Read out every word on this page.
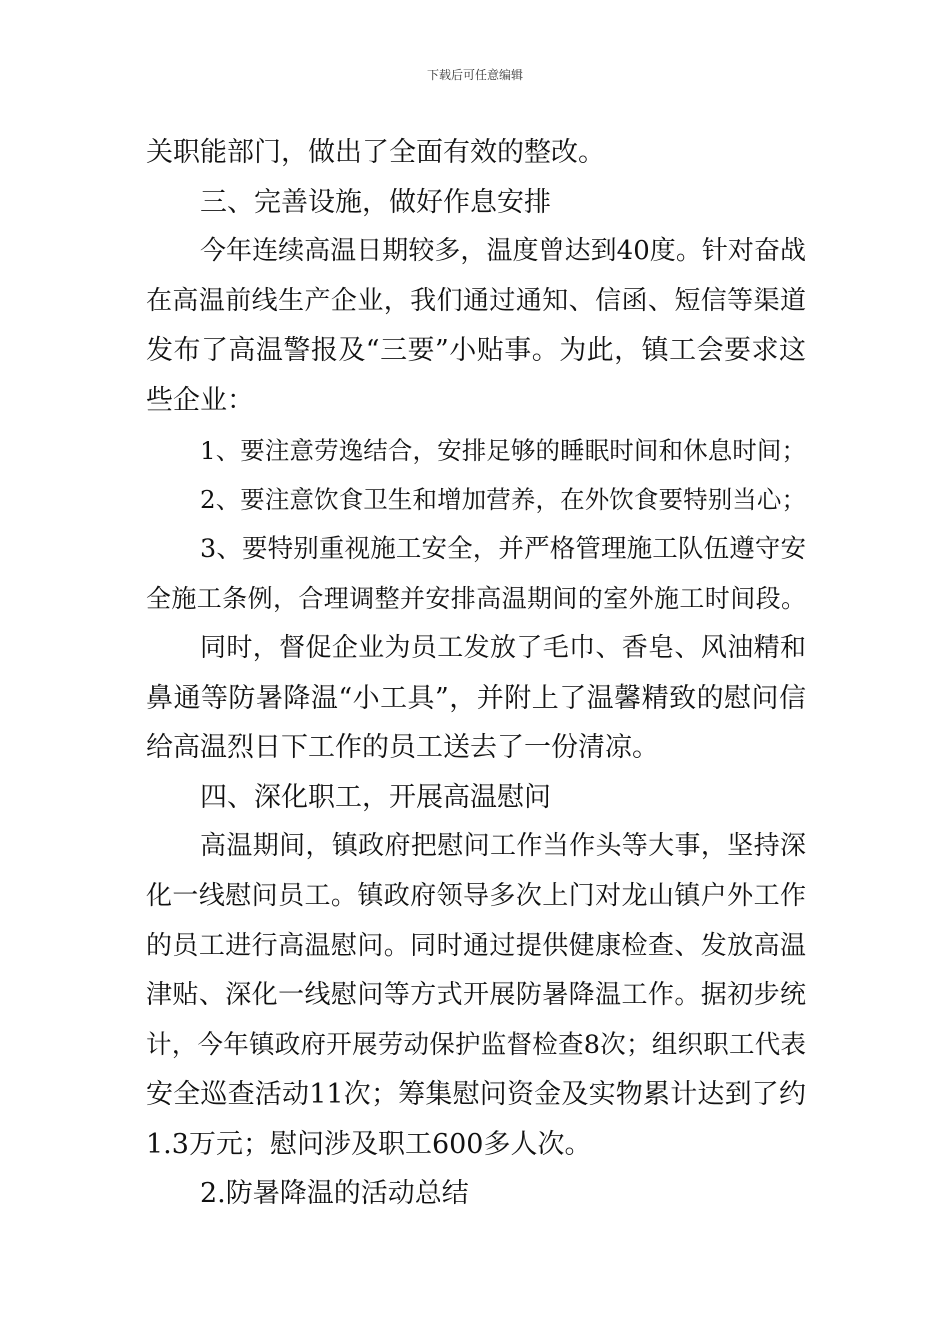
下载后可任意编辑
关职能部门，做出了全面有效的整改。
三、完善设施，做好作息安排
今年连续高温日期较多，温度曾达到40度。针对奋战
在高温前线生产企业，我们通过通知、信函、短信等渠道
发布了高温警报及“三要”小贴事。为此，镇工会要求这
些企业：
1、要注意劳逸结合，安排足够的睡眠时间和休息时间；
2、要注意饮食卫生和增加营养，在外饮食要特别当心；
3、要特别重视施工安全，并严格管理施工队伍遵守安
全施工条例，合理调整并安排高温期间的室外施工时间段。
同时，督促企业为员工发放了毛巾、香皂、风油精和
鼻通等防暑降温“小工具”，并附上了温馨精致的慰问信
给高温烈日下工作的员工送去了一份清凉。
四、深化职工，开展高温慰问
高温期间，镇政府把慰问工作当作头等大事，坚持深
化一线慰问员工。镇政府领导多次上门对龙山镇户外工作
的员工进行高温慰问。同时通过提供健康检查、发放高温
津贴、深化一线慰问等方式开展防暑降温工作。据初步统
计，今年镇政府开展劳动保护监督检查8次；组织职工代表
安全巡查活动11次；筹集慰问资金及实物累计达到了约
1.3万元；慰问涉及职工600多人次。
2.防暑降温的活动总结
